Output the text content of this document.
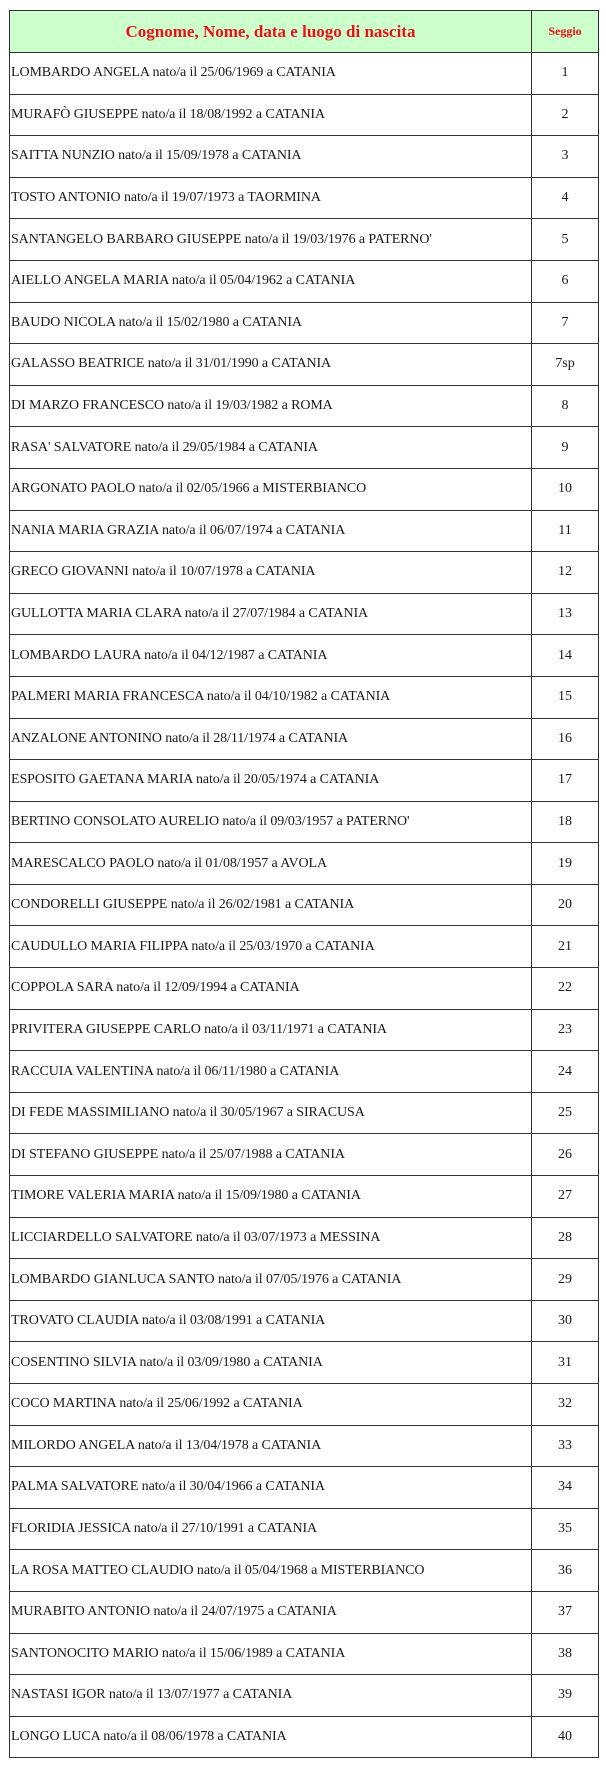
Cognome, Nome, data e luogo di nascita	Seggio
LOMBARDO ANGELA nato/a il 25/06/1969 a CATANIA	1
MURAFÒ GIUSEPPE nato/a il 18/08/1992 a CATANIA	2
SAITTA NUNZIO nato/a il 15/09/1978 a CATANIA	3
TOSTO ANTONIO nato/a il 19/07/1973 a TAORMINA	4
SANTANGELO BARBARO GIUSEPPE nato/a il 19/03/1976 a PATERNO'	5
AIELLO ANGELA MARIA nato/a il 05/04/1962 a CATANIA	6
BAUDO NICOLA nato/a il 15/02/1980 a CATANIA	7
GALASSO BEATRICE nato/a il 31/01/1990 a CATANIA	7sp
DI MARZO FRANCESCO nato/a il 19/03/1982 a ROMA	8
RASA' SALVATORE nato/a il 29/05/1984 a CATANIA	9
ARGONATO PAOLO nato/a il 02/05/1966 a MISTERBIANCO	10
NANIA MARIA GRAZIA nato/a il 06/07/1974 a CATANIA	11
GRECO GIOVANNI nato/a il 10/07/1978 a CATANIA	12
GULLOTTA MARIA CLARA nato/a il 27/07/1984 a CATANIA	13
LOMBARDO LAURA nato/a il 04/12/1987 a CATANIA	14
PALMERI MARIA FRANCESCA nato/a il 04/10/1982 a CATANIA	15
ANZALONE ANTONINO nato/a il 28/11/1974 a CATANIA	16
ESPOSITO GAETANA MARIA nato/a il 20/05/1974 a CATANIA	17
BERTINO CONSOLATO AURELIO nato/a il 09/03/1957 a PATERNO'	18
MARESCALCO PAOLO nato/a il 01/08/1957 a AVOLA	19
CONDORELLI GIUSEPPE nato/a il 26/02/1981 a CATANIA	20
CAUDULLO MARIA FILIPPA nato/a il 25/03/1970 a CATANIA	21
COPPOLA SARA nato/a il 12/09/1994 a CATANIA	22
PRIVITERA GIUSEPPE CARLO nato/a il 03/11/1971 a CATANIA	23
RACCUIA VALENTINA nato/a il 06/11/1980 a CATANIA	24
DI FEDE MASSIMILIANO nato/a il 30/05/1967 a SIRACUSA	25
DI STEFANO GIUSEPPE nato/a il 25/07/1988 a CATANIA	26
TIMORE VALERIA MARIA nato/a il 15/09/1980 a CATANIA	27
LICCIARDELLO SALVATORE nato/a il 03/07/1973 a MESSINA	28
LOMBARDO GIANLUCA SANTO nato/a il 07/05/1976 a CATANIA	29
TROVATO CLAUDIA nato/a il 03/08/1991 a CATANIA	30
COSENTINO SILVIA nato/a il 03/09/1980 a CATANIA	31
COCO MARTINA nato/a il 25/06/1992 a CATANIA	32
MILORDO ANGELA nato/a il 13/04/1978 a CATANIA	33
PALMA SALVATORE nato/a il 30/04/1966 a CATANIA	34
FLORIDIA JESSICA nato/a il 27/10/1991 a CATANIA	35
LA ROSA MATTEO CLAUDIO nato/a il 05/04/1968 a MISTERBIANCO	36
MURABITO ANTONIO nato/a il 24/07/1975 a CATANIA	37
SANTONOCITO MARIO nato/a il 15/06/1989 a CATANIA	38
NASTASI IGOR nato/a il 13/07/1977 a CATANIA	39
LONGO LUCA nato/a il 08/06/1978 a CATANIA	40
